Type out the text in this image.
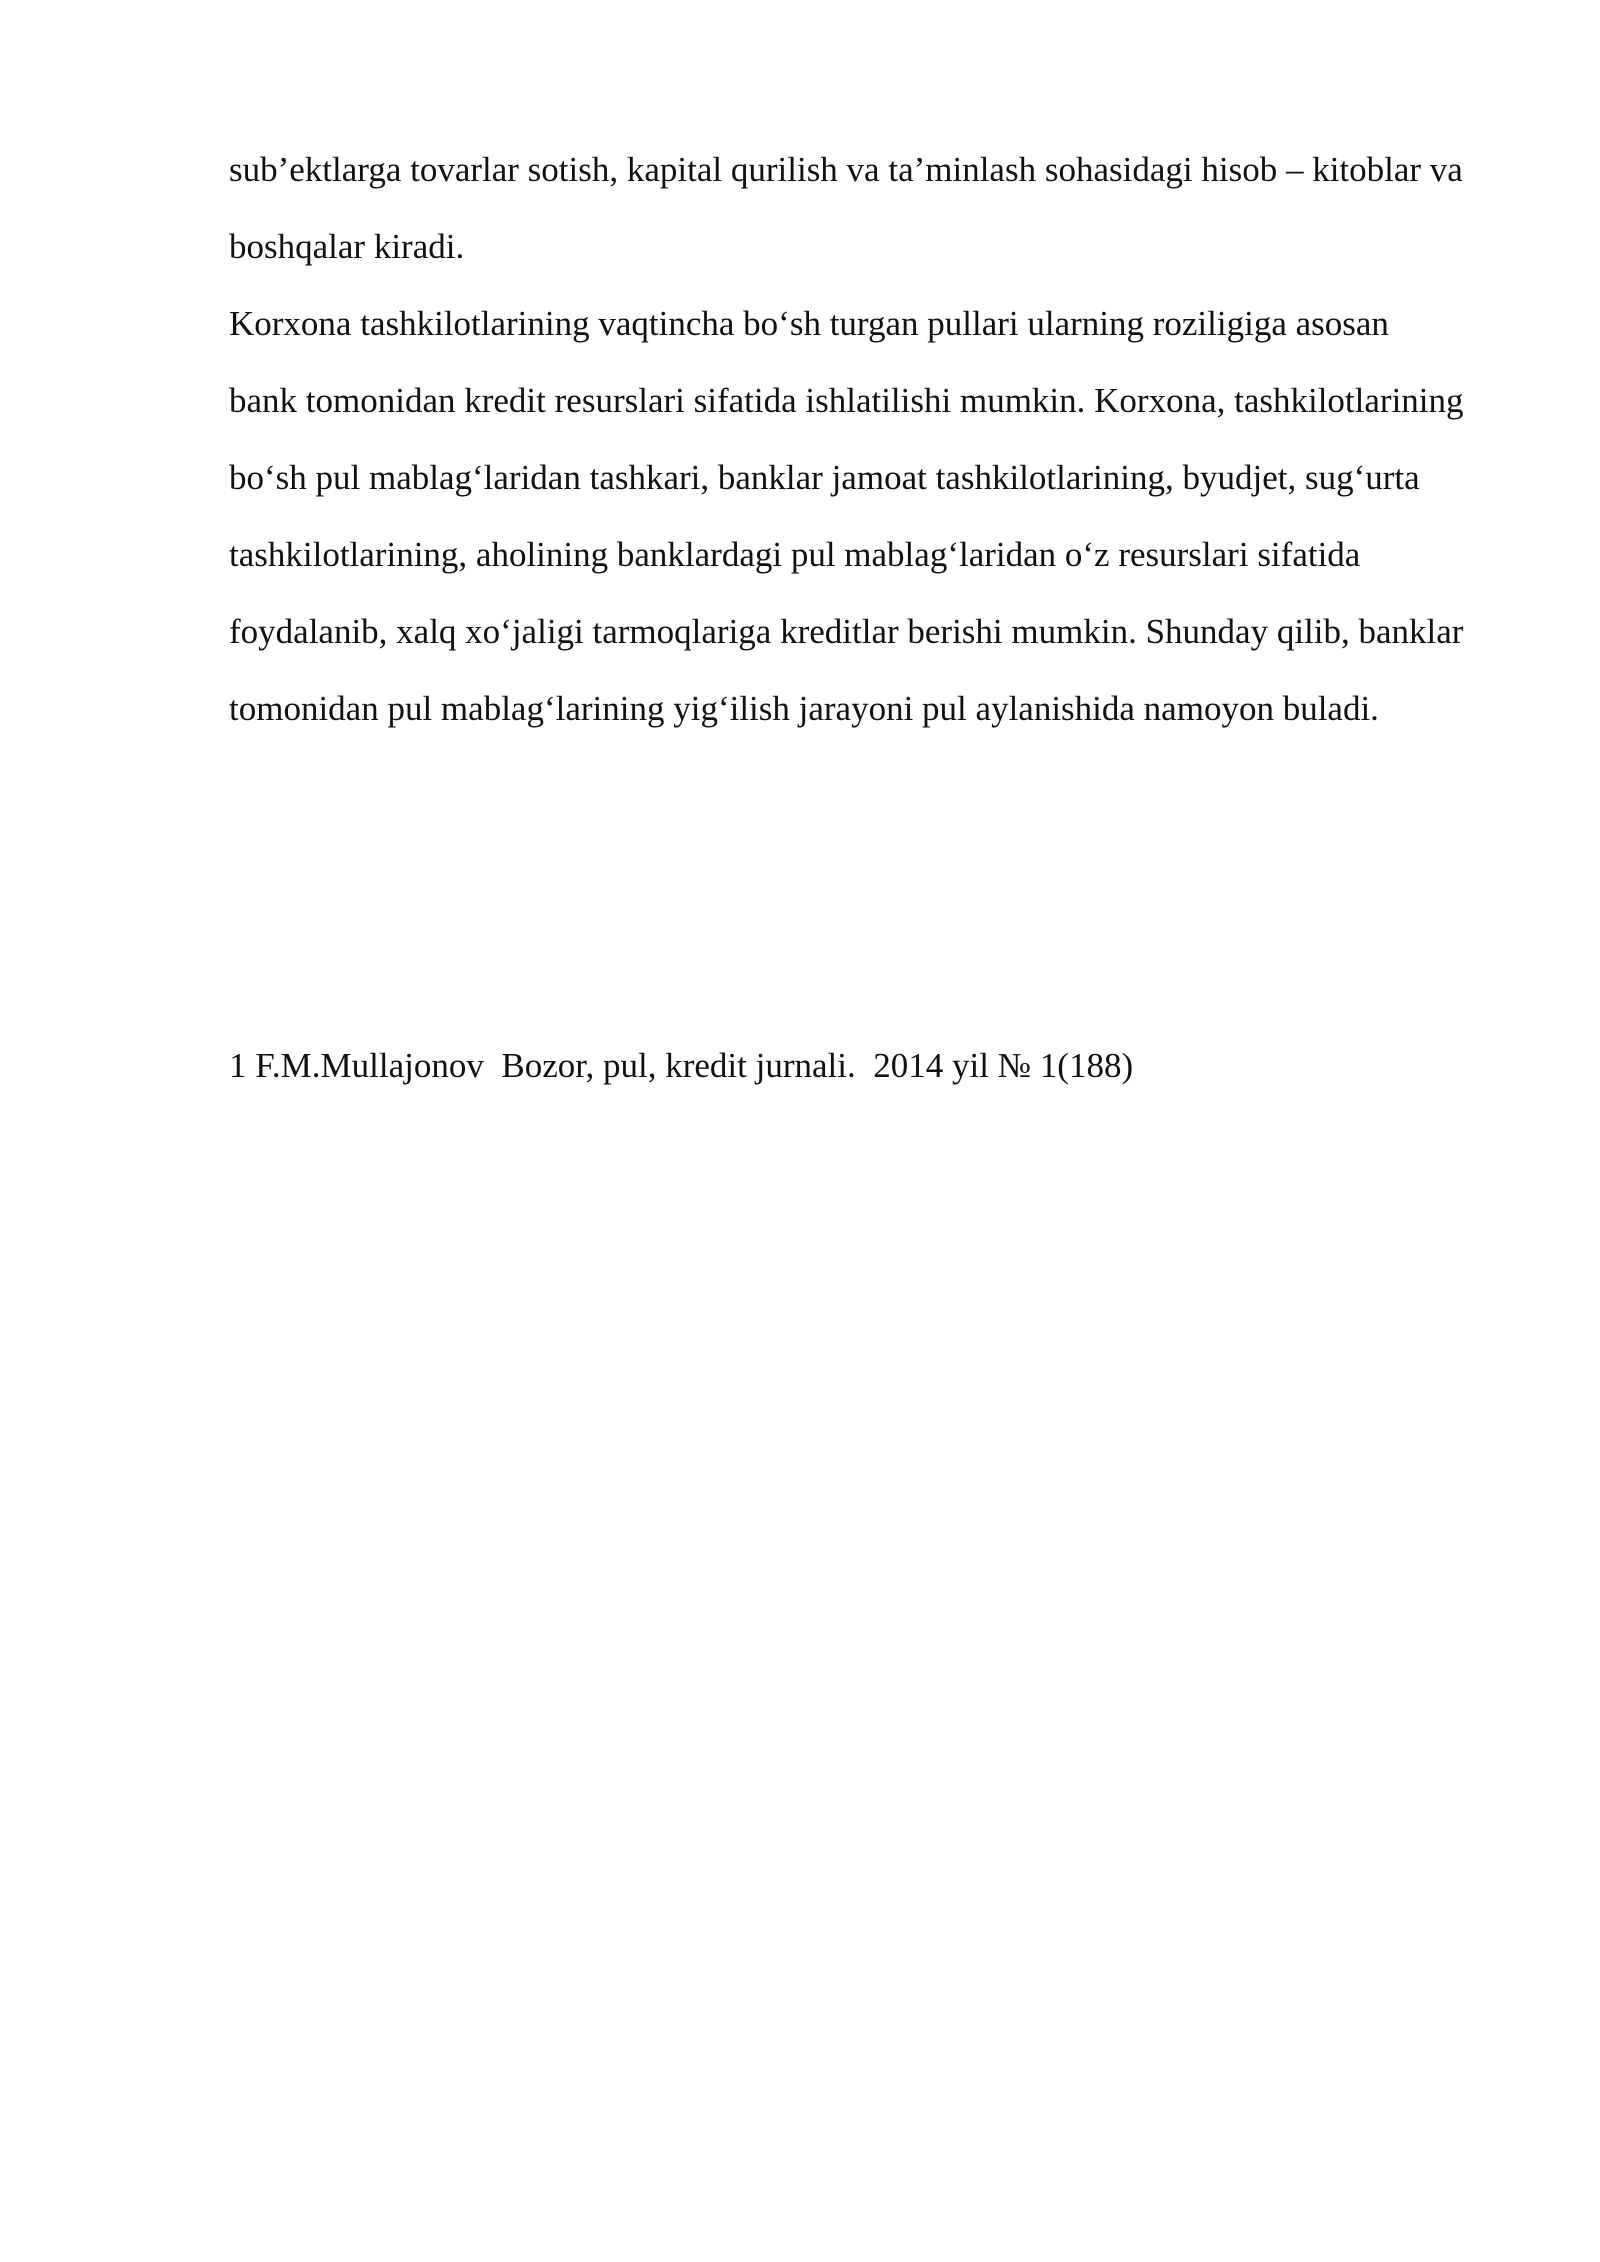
sub’ektlarga tovarlar sotish, kapital qurilish va ta’minlash sohasidagi hisob – kitoblar va

boshqalar kiradi.

Korxona tashkilotlarining vaqtincha bo‘sh turgan pullari ularning roziligiga asosan

bank tomonidan kredit resurslari sifatida ishlatilishi mumkin. Korxona, tashkilotlarining

bo‘sh pul mablag‘laridan tashkari, banklar jamoat tashkilotlarining, byudjet, sug‘urta

tashkilotlarining, aholining banklardagi pul mablag‘laridan o‘z resurslari sifatida

foydalanib, xalq xo‘jaligi tarmoqlariga kreditlar berishi mumkin. Shunday qilib, banklar

tomonidan pul mablag‘larining yig‘ilish jarayoni pul aylanishida namoyon buladi.

1 F.M.Mullajonov  Bozor, pul, kredit jurnali.  2014 yil № 1(188)
